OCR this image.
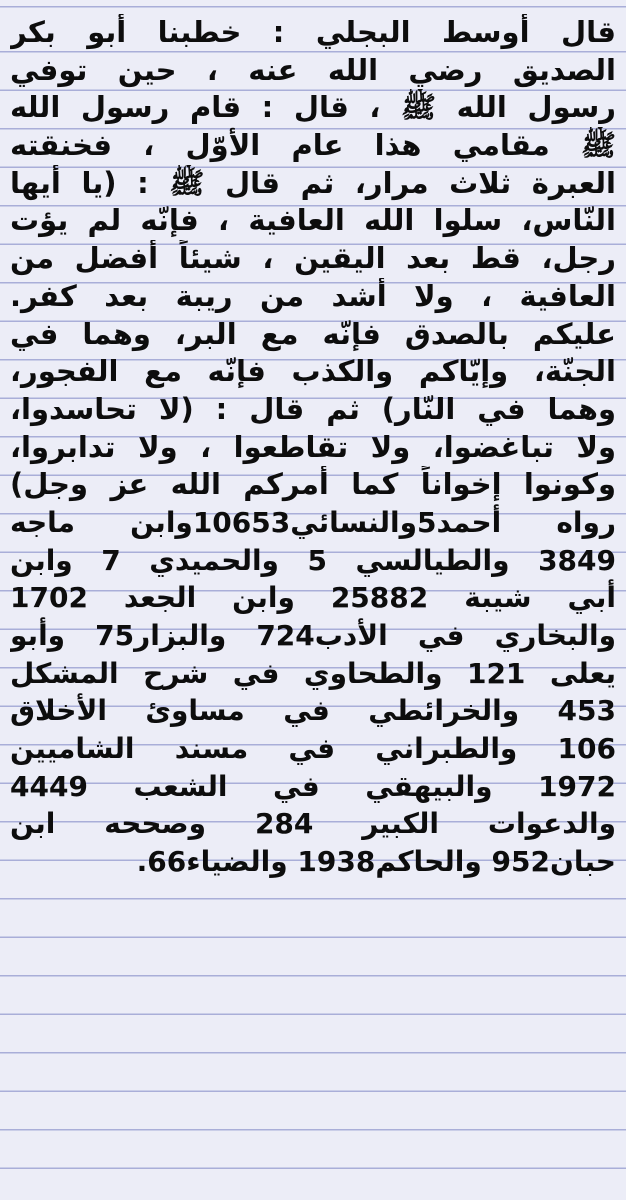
قال أوسط البجلي : خطبنا أبو بكر
الصديق رضي الله عنه ، حين توفي
رسول الله ﷺ ، قال : قام رسول الله
ﷺ مقامي هذا عام الأوّل ، فخنقته
العبرة ثلاث مرار، ثم قال ﷺ : (يا أيها
النّاس، سلوا الله العافية ، فإنّه لم يؤت
رجل، قط بعد اليقين ، شيئاً أفضل من
العافية ، ولا أشد من ريبة بعد كفر.
عليكم بالصدق فإنّه مع البر، وهما في
الجنّة، وإيّاكم والكذب فإنّه مع الفجور،
وهما في النّار) ثم قال : (لا تحاسدوا،
ولا تباغضوا، ولا تقاطعوا ، ولا تدابروا،
وكونوا إخواناً كما أمركم الله عز وجل)
رواه أحمد5والنسائي10653وابن ماجه
3849 والطيالسي 5 والحميدي 7 وابن
أبي شيبة 25882 وابن الجعد 1702
والبخاري في الأدب724 والبزار75 وأبو
يعلى 121 والطحاوي في شرح المشكل
453 والخرائطي في مساوئ الأخلاق
106 والطبراني في مسند الشاميين
1972 والبيهقي في الشعب 4449
والدعوات الكبير 284 وصححه ابن
حبان952 والحاكم1938 والضياء66.
